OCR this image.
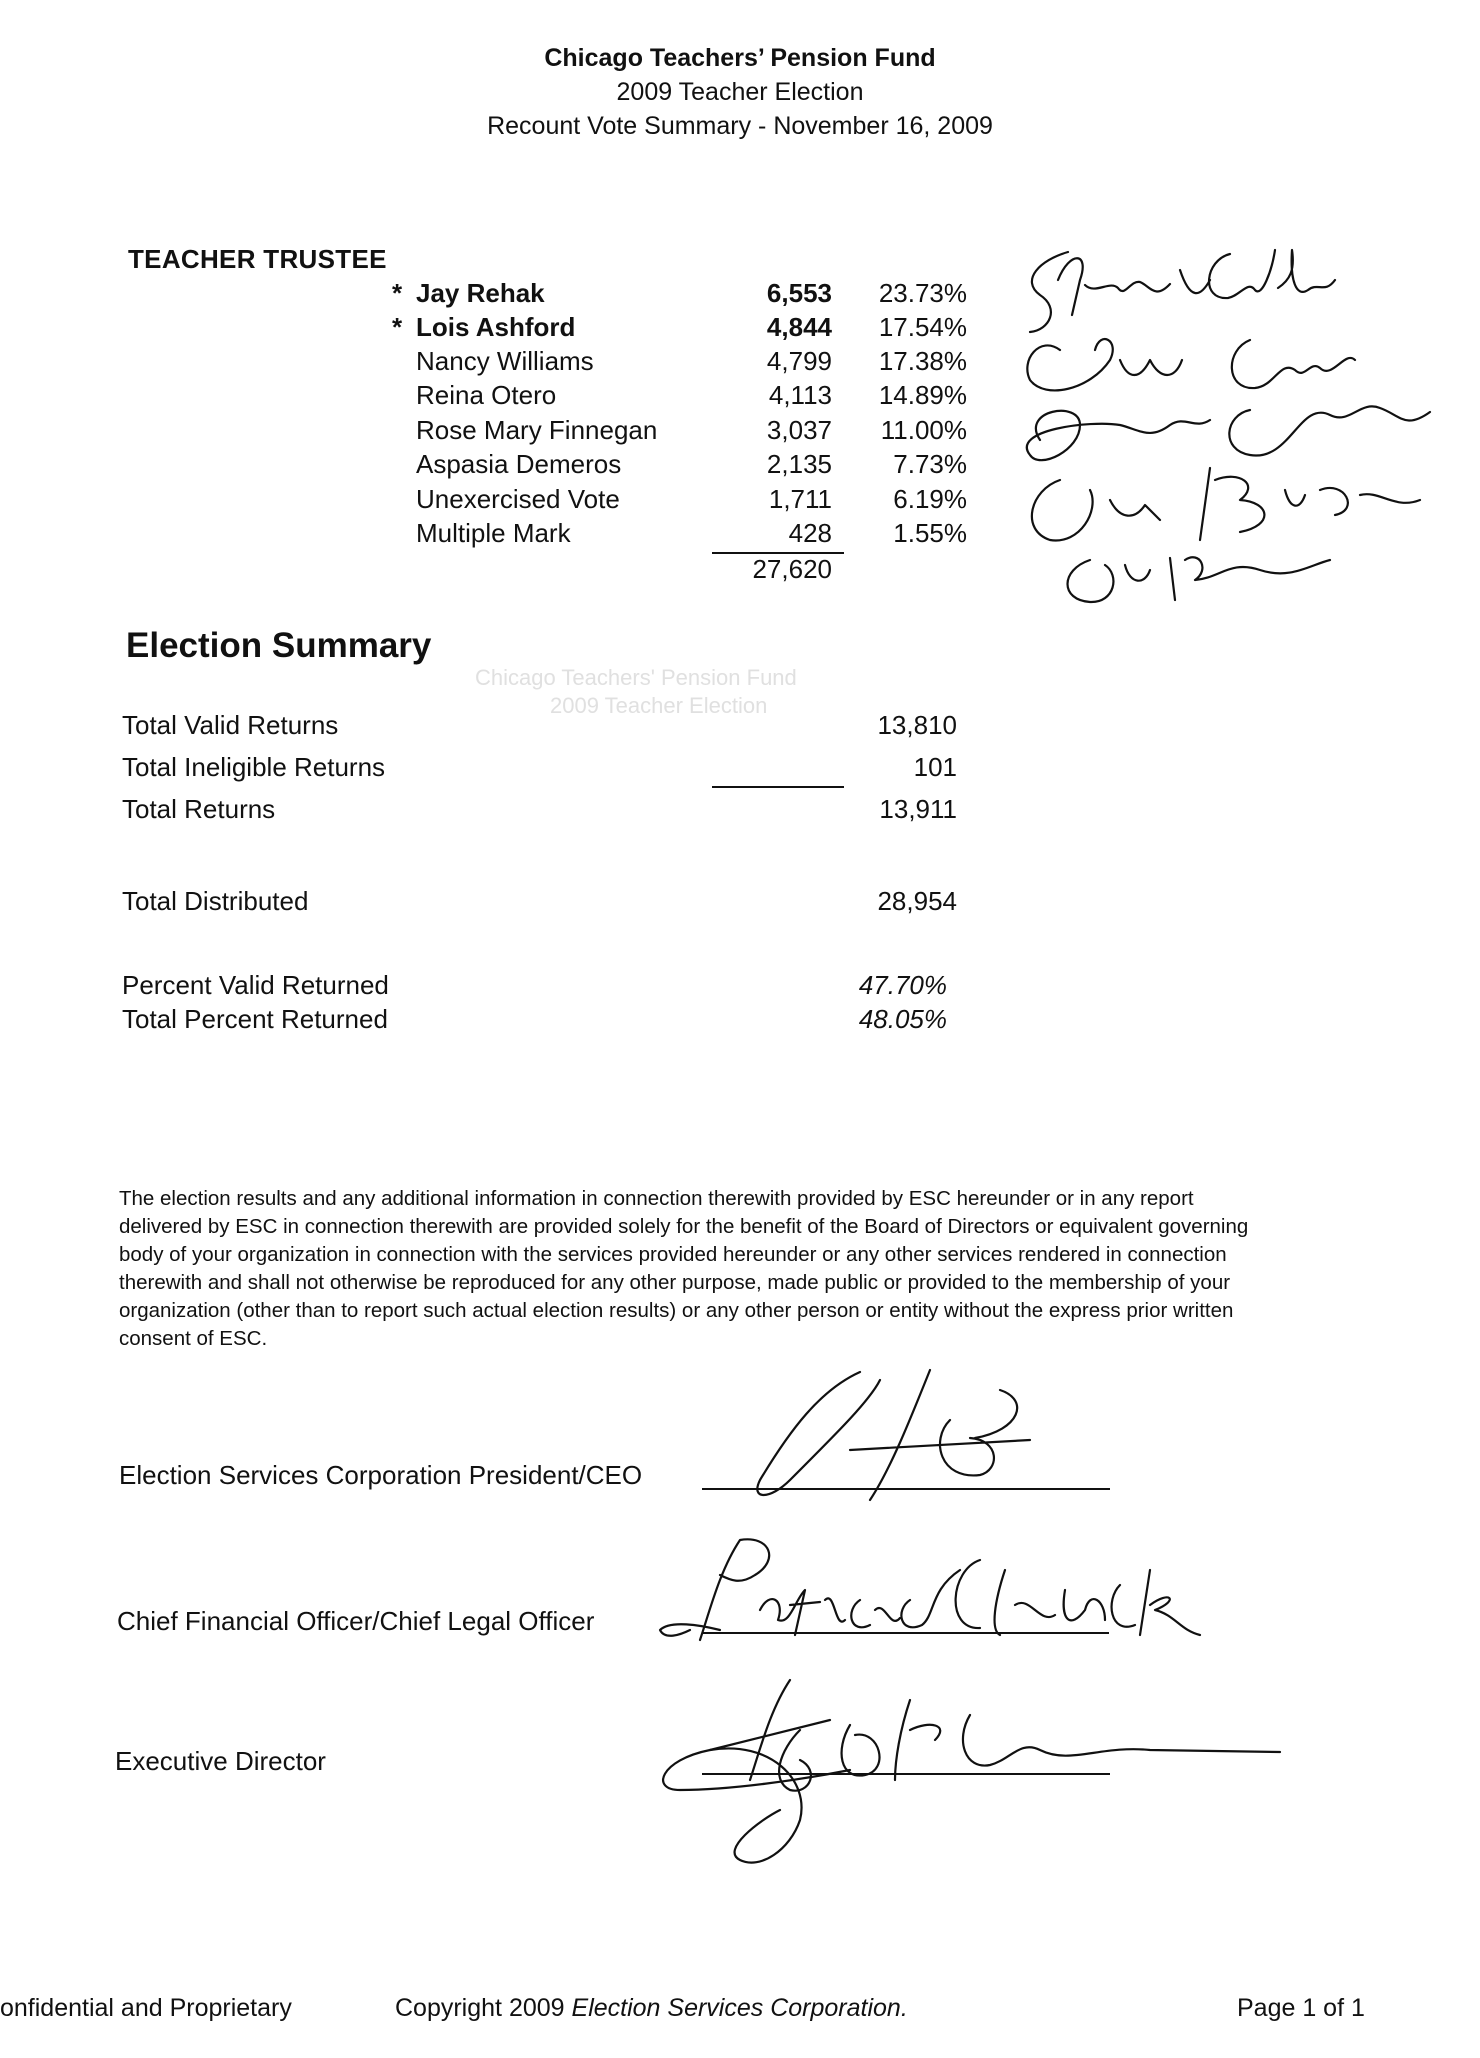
Chicago Teachers’ Pension Fund
2009 Teacher Election
Recount Vote Summary - November 16, 2009
Chicago Teachers' Pension Fund
2009 Teacher Election
TEACHER TRUSTEE
* Jay Rehak	6,553	23.73%
* Lois Ashford	4,844	17.54%
Nancy Williams	4,799	17.38%
Reina Otero	4,113	14.89%
Rose Mary Finnegan	3,037	11.00%
Aspasia Demeros	2,135	7.73%
Unexercised Vote	1,711	6.19%
Multiple Mark	428	1.55%
27,620
Election Summary
Total Valid Returns	13,810
Total Ineligible Returns	101
Total Returns	13,911
Total Distributed	28,954
Percent Valid Returned	47.70%
Total Percent Returned	48.05%
The election results and any additional information in connection therewith provided by ESC hereunder or in any report delivered by ESC in connection therewith are provided solely for the benefit of the Board of Directors or equivalent governing body of your organization in connection with the services provided hereunder or any other services rendered in connection therewith and shall not otherwise be reproduced for any other purpose, made public or provided to the membership of your organization (other than to report such actual election results) or any other person or entity without the express prior written consent of ESC.
Election Services Corporation President/CEO
Chief Financial Officer/Chief Legal Officer
Executive Director
onfidential and Proprietary	Copyright 2009 Election Services Corporation.	Page 1 of 1
